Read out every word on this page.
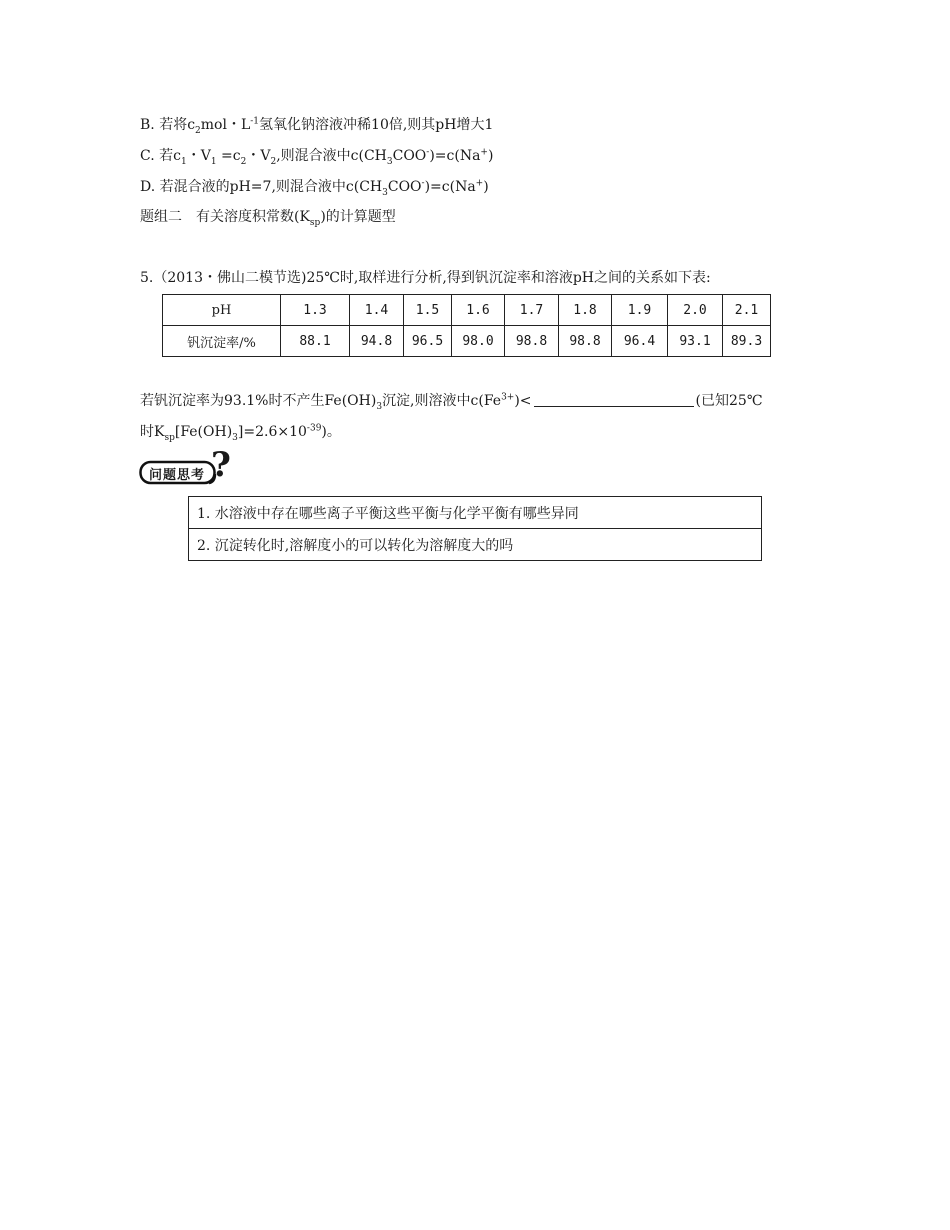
B. 若将$c_2mol$・$L^{-1}$氢氧化钠溶液冲稀10倍,则其pH增大1
C. 若$c_1$・$V_1 =c_2$・$V_2$,则混合液中$c(CH_3COO^-)=c(Na^+)$
D. 若混合液的pH=7,则混合液中$c(CH_3COO^-)=c(Na^+)$
题组二　有关溶度积常数$(K_{sp})$的计算题型
5.（2013・佛山二模节选)25℃时,取样进行分析,得到钒沉淀率和溶液pH之间的关系如下表:
pH	1.3	1.4	1.5	1.6	1.7	1.8	1.9	2.0	2.1
钒沉淀率/%	88.1	94.8	96.5	98.0	98.8	98.8	96.4	93.1	89.3
若钒沉淀率为93.1%时不产生$Fe(OH)_3$沉淀,则溶液中$c(Fe^{3+})<$	(已知25℃
时$K_{sp}[Fe(OH)_3]=2.6\times 10^{-39}$)。
问题思考 ?
1. 水溶液中存在哪些离子平衡这些平衡与化学平衡有哪些异同
2. 沉淀转化时,溶解度小的可以转化为溶解度大的吗
